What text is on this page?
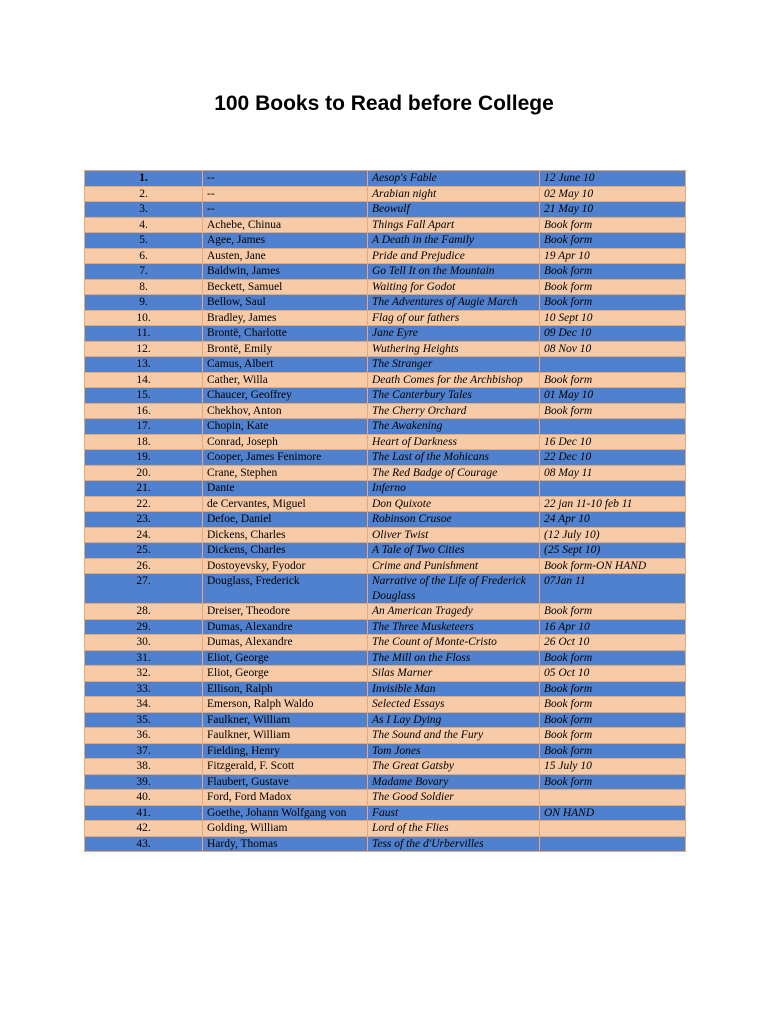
100 Books to Read before College
1.	--	Aesop's Fable	12 June 10
2.	--	Arabian night	02 May 10
3.	--	Beowulf	21 May 10
4.	Achebe, Chinua	Things Fall Apart	Book form
5.	Agee, James	A Death in the Family	Book form
6.	Austen, Jane	Pride and Prejudice	19 Apr 10
7.	Baldwin, James	Go Tell It on the Mountain	Book form
8.	Beckett, Samuel	Waiting for Godot	Book form
9.	Bellow, Saul	The Adventures of Augie March	Book form
10.	Bradley, James	Flag of our fathers	10 Sept 10
11.	Brontë, Charlotte	Jane Eyre	09 Dec 10
12.	Brontë, Emily	Wuthering Heights	08 Nov 10
13.	Camus, Albert	The Stranger	
14.	Cather, Willa	Death Comes for the Archbishop	Book form
15.	Chaucer, Geoffrey	The Canterbury Tales	01 May 10
16.	Chekhov, Anton	The Cherry Orchard	Book form
17.	Chopin, Kate	The Awakening	
18.	Conrad, Joseph	Heart of Darkness	16 Dec 10
19.	Cooper, James Fenimore	The Last of the Mohicans	22 Dec 10
20.	Crane, Stephen	The Red Badge of Courage	08 May 11
21.	Dante	Inferno	
22.	de Cervantes, Miguel	Don Quixote	22 jan 11-10 feb 11
23.	Defoe, Daniel	Robinson Crusoe	24 Apr 10
24.	Dickens, Charles	Oliver Twist	(12 July 10)
25.	Dickens, Charles	A Tale of Two Cities	(25 Sept 10)
26.	Dostoyevsky, Fyodor	Crime and Punishment	Book form-ON HAND
27.	Douglass, Frederick	Narrative of the Life of Frederick Douglass	07Jan 11
28.	Dreiser, Theodore	An American Tragedy	Book form
29.	Dumas, Alexandre	The Three Musketeers	16 Apr 10
30.	Dumas, Alexandre	The Count of Monte-Cristo	26 Oct 10
31.	Eliot, George	The Mill on the Floss	Book form
32.	Eliot, George	Silas Marner	05 Oct 10
33.	Ellison, Ralph	Invisible Man	Book form
34.	Emerson, Ralph Waldo	Selected Essays	Book form
35.	Faulkner, William	As I Lay Dying	Book form
36.	Faulkner, William	The Sound and the Fury	Book form
37.	Fielding, Henry	Tom Jones	Book form
38.	Fitzgerald, F. Scott	The Great Gatsby	15 July 10
39.	Flaubert, Gustave	Madame Bovary	Book form
40.	Ford, Ford Madox	The Good Soldier	
41.	Goethe, Johann Wolfgang von	Faust	ON HAND
42.	Golding, William	Lord of the Flies	
43.	Hardy, Thomas	Tess of the d'Urbervilles	
